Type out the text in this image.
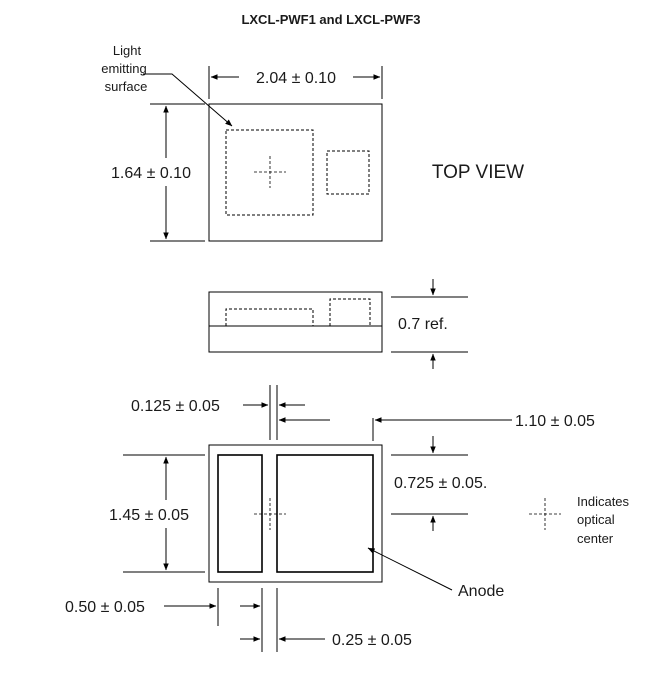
LXCL-PWF1 and LXCL-PWF3
2.04 ± 0.10
1.64 ± 0.10
Light
emitting
surface
TOP VIEW
0.7 ref.
0.125 ± 0.05
1.10 ± 0.05
1.45 ± 0.05
0.725 ± 0.05.
0.50 ± 0.05
0.25 ± 0.05
Anode
Indicates
optical
center
